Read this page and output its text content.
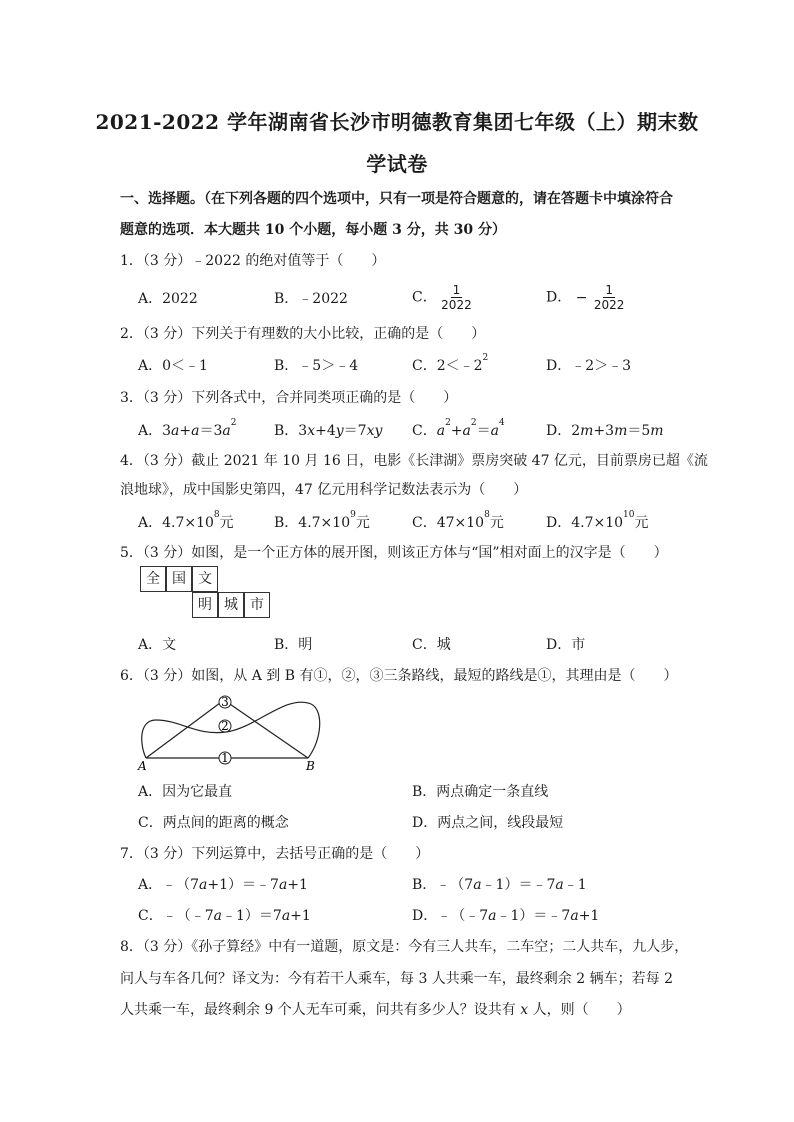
2021-2022 学年湖南省长沙市明德教育集团七年级（上）期末数
学试卷
一、选择题。（在下列各题的四个选项中，只有一项是符合题意的，请在答题卡中填涂符合
题意的选项．本大题共 10 个小题，每小题 3 分，共 30 分）
1．（3 分）﹣2022 的绝对值等于（　　）
A．2022	B．﹣2022	C． $\frac{1}{2022}$	D． − $\frac{1}{2022}$
2．（3 分）下列关于有理数的大小比较，正确的是（　　）
A．0＜﹣1	B．﹣5＞﹣4	C．$2<﹣2^2$	D．﹣2＞﹣3
3．（3 分）下列各式中，合并同类项正确的是（　　）
A．$3a+a=3a^2$	B．3x+4y＝7xy C．$a^2+a^2=a^4$	D．2m+3m＝5m
4．（3 分）截止 2021 年 10 月 16 日，电影《长津湖》票房突破 47 亿元，目前票房已超《流
浪地球》，成中国影史第四，47 亿元用科学记数法表示为（　　）
A．$4.7\times 10^8$元	B．$4.7\times 10^9$元	C．$47\times 10^8$元	D．$4.7\times 10^{10}$元
5．（3 分）如图，是一个正方体的展开图，则该正方体与“国”相对面上的汉字是（　　）
全 国 文
明 城 市
A．文	B．明	C．城	D．市
6．（3 分）如图，从 A 到 B 有①，②，③三条路线，最短的路线是①，其理由是（　　）
3
2
1
A	B
A．因为它最直	B．两点确定一条直线
C．两点间的距离的概念	D．两点之间，线段最短
7．（3 分）下列运算中，去括号正确的是（　　）
A．﹣（7a+1）＝﹣7a+1	B．﹣（7a﹣1）＝﹣7a﹣1
C．﹣（﹣7a﹣1）＝7a+1	D．﹣（﹣7a﹣1）＝﹣7a+1
8．（3 分）《孙子算经》中有一道题，原文是：今有三人共车，二车空；二人共车，九人步，
问人与车各几何？译文为：今有若干人乘车，每 3 人共乘一车，最终剩余 2 辆车；若每 2
人共乘一车，最终剩余 9 个人无车可乘，问共有多少人？设共有 x 人，则（　　）
